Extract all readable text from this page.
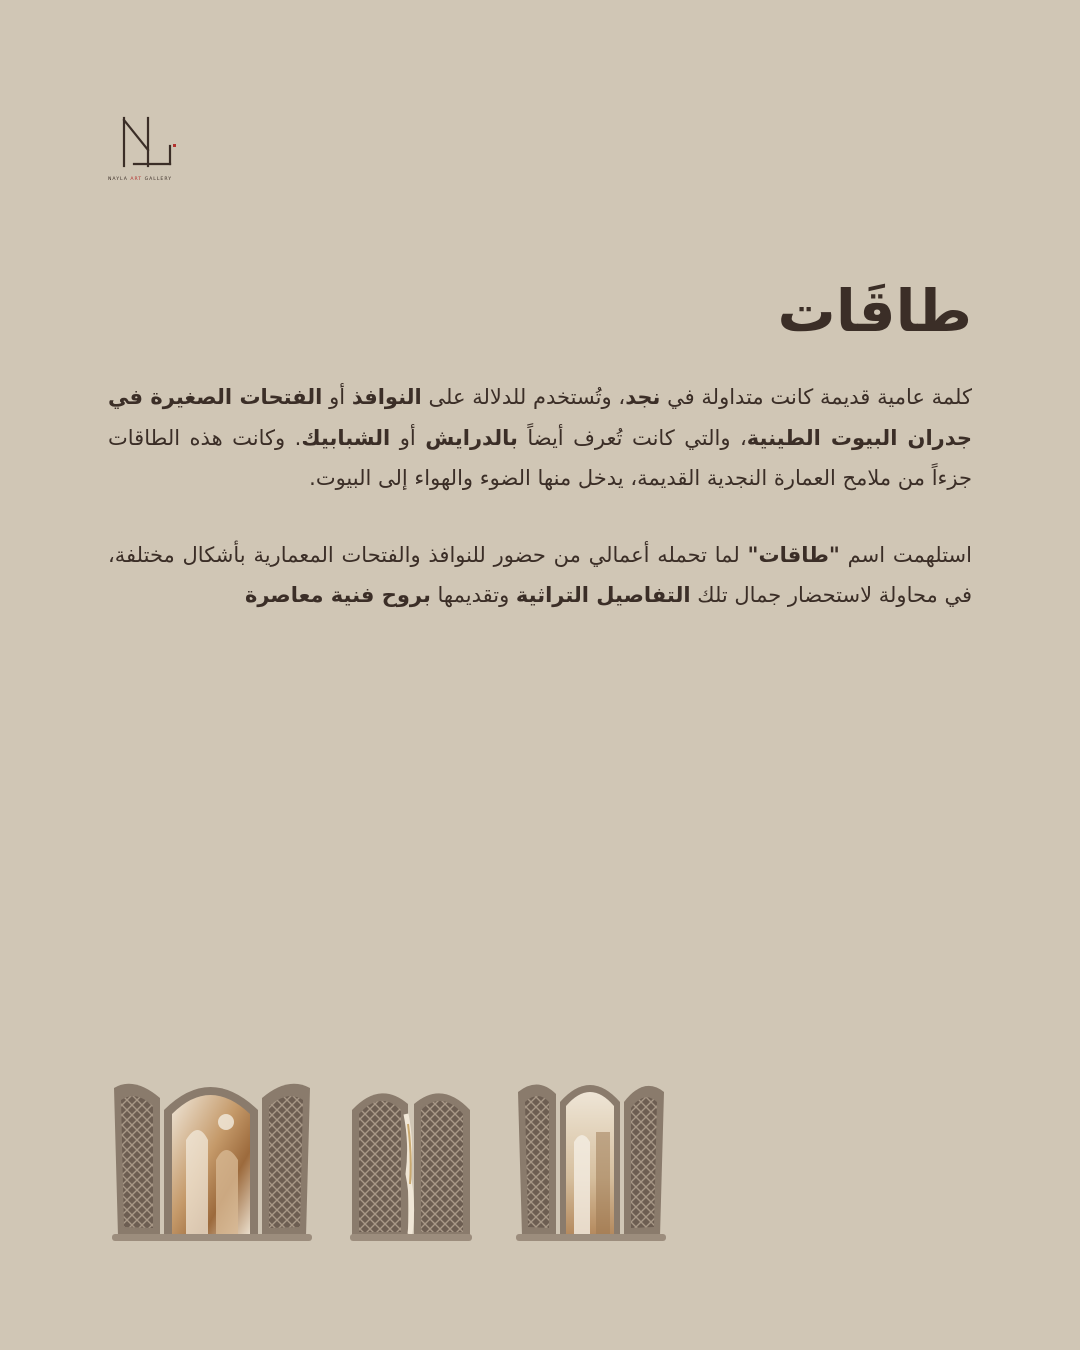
NAYLA ART GALLERY
طاقَات

كلمة عامية قديمة كانت متداولة في نجد، وتُستخدم للدلالة على النوافذ أو الفتحات الصغيرة في جدران البيوت الطينية، والتي كانت تُعرف أيضاً بالدرايش أو الشبابيك. وكانت هذه الطاقات جزءاً من ملامح العمارة النجدية القديمة، يدخل منها الضوء والهواء إلى البيوت.

استلهمت اسم "طاقات" لما تحمله أعمالي من حضور للنوافذ والفتحات المعمارية بأشكال مختلفة، في محاولة لاستحضار جمال تلك التفاصيل التراثية وتقديمها بروح فنية معاصرة
